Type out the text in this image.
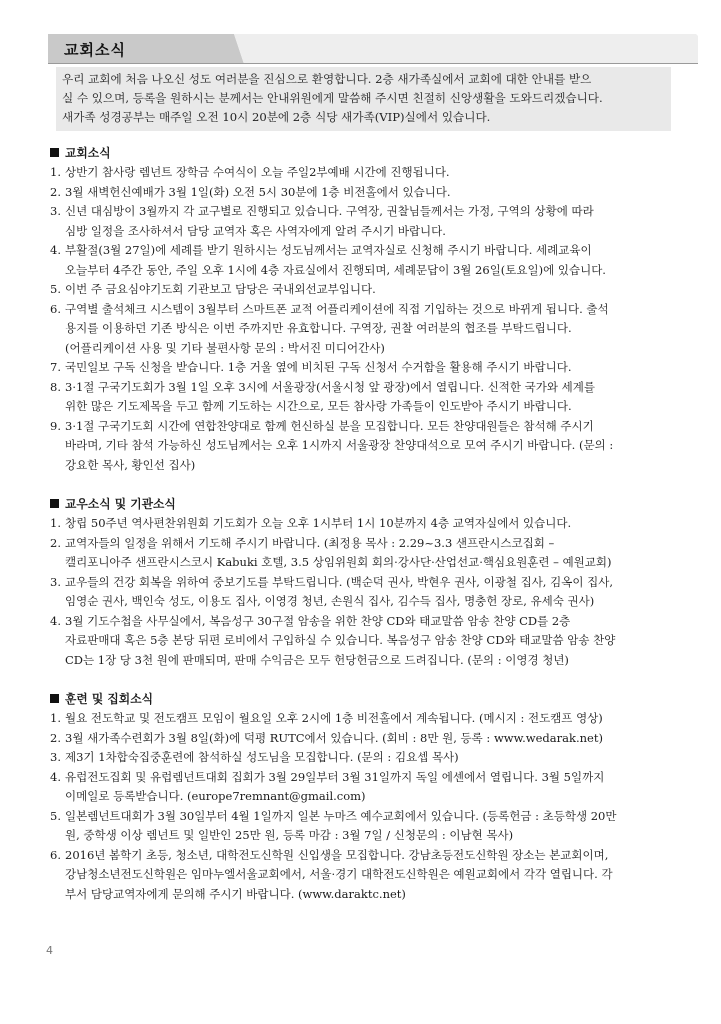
교회소식
우리 교회에 처음 나오신 성도 여러분을 진심으로 환영합니다. 2층 새가족실에서 교회에 대한 안내를 받으
실 수 있으며, 등록을 원하시는 분께서는 안내위원에게 말씀해 주시면 친절히 신앙생활을 도와드리겠습니다.
새가족 성경공부는 매주일 오전 10시 20분에 2층 식당 새가족(VIP)실에서 있습니다.
교회소식
1. 상반기 참사랑 렘넌트 장학금 수여식이 오늘 주일2부예배 시간에 진행됩니다.
2. 3월 새벽헌신예배가 3월 1일(화) 오전 5시 30분에 1층 비전홀에서 있습니다.
3. 신년 대심방이 3월까지 각 교구별로 진행되고 있습니다. 구역장, 권찰님들께서는 가정, 구역의 상황에 따라
심방 일정을 조사하셔서 담당 교역자 혹은 사역자에게 알려 주시기 바랍니다.
4. 부활절(3월 27일)에 세례를 받기 원하시는 성도님께서는 교역자실로 신청해 주시기 바랍니다. 세례교육이
오늘부터 4주간 동안, 주일 오후 1시에 4층 자료실에서 진행되며, 세례문답이 3월 26일(토요일)에 있습니다.
5. 이번 주 금요심야기도회 기관보고 담당은 국내외선교부입니다.
6. 구역별 출석체크 시스템이 3월부터 스마트폰 교적 어플리케이션에 직접 기입하는 것으로 바뀌게 됩니다. 출석
용지를 이용하던 기존 방식은 이번 주까지만 유효합니다. 구역장, 권찰 여러분의 협조를 부탁드립니다.
(어플리케이션 사용 및 기타 불편사항 문의 : 박서진 미디어간사)
7. 국민일보 구독 신청을 받습니다. 1층 거울 옆에 비치된 구독 신청서 수거함을 활용해 주시기 바랍니다.
8. 3·1절 구국기도회가 3월 1일 오후 3시에 서울광장(서울시청 앞 광장)에서 열립니다. 신적한 국가와 세계를
위한 많은 기도제목을 두고 함께 기도하는 시간으로, 모든 참사랑 가족들이 인도받아 주시기 바랍니다.
9. 3·1절 구국기도회 시간에 연합찬양대로 함께 헌신하실 분을 모집합니다. 모든 찬양대원들은 참석해 주시기
바라며, 기타 참석 가능하신 성도님께서는 오후 1시까지 서울광장 찬양대석으로 모여 주시기 바랍니다. (문의 :
강요한 목사, 황인선 집사)
교우소식 및 기관소식
1. 창립 50주년 역사편찬위원회 기도회가 오늘 오후 1시부터 1시 10분까지 4층 교역자실에서 있습니다.
2. 교역자들의 일정을 위해서 기도해 주시기 바랍니다. (최정용 목사 : 2.29~3.3 샌프란시스코집회 –
캘리포니아주 샌프란시스코시 Kabuki 호텔, 3.5 상임위원회 회의·강사단·산업선교·핵심요원훈련 – 예원교회)
3. 교우들의 건강 회복을 위하여 중보기도를 부탁드립니다. (백순덕 권사, 박현우 권사, 이광철 집사, 김옥이 집사,
임영순 권사, 백인숙 성도, 이용도 집사, 이영경 청년, 손원식 집사, 김수득 집사, 명충헌 장로, 유세숙 권사)
4. 3월 기도수첩을 사무실에서, 복음성구 30구절 암송을 위한 찬양 CD와 태교말씀 암송 찬양 CD를 2층
자료판매대 혹은 5층 본당 뒤편 로비에서 구입하실 수 있습니다. 복음성구 암송 찬양 CD와 태교말씀 암송 찬양
CD는 1장 당 3천 원에 판매되며, 판매 수익금은 모두 헌당헌금으로 드려집니다. (문의 : 이영경 청년)
훈련 및 집회소식
1. 월요 전도학교 및 전도캠프 모임이 월요일 오후 2시에 1층 비전홀에서 계속됩니다. (메시지 : 전도캠프 영상)
2. 3월 새가족수련회가 3월 8일(화)에 덕평 RUTC에서 있습니다. (회비 : 8만 원, 등록 : www.wedarak.net)
3. 제3기 1차합숙집중훈련에 참석하실 성도님을 모집합니다. (문의 : 김요셉 목사)
4. 유럽전도집회 및 유럽렘넌트대회 집회가 3월 29일부터 3월 31일까지 독일 에센에서 열립니다. 3월 5일까지
이메일로 등록받습니다. (europe7remnant@gmail.com)
5. 일본렘넌트대회가 3월 30일부터 4월 1일까지 일본 누마즈 예수교회에서 있습니다. (등록헌금 : 초등학생 20만
원, 중학생 이상 렘넌트 및 일반인 25만 원, 등록 마감 : 3월 7일 / 신청문의 : 이남현 목사)
6. 2016년 봄학기 초등, 청소년, 대학전도신학원 신입생을 모집합니다. 강남초등전도신학원 장소는 본교회이며,
강남청소년전도신학원은 임마누엘서울교회에서, 서울·경기 대학전도신학원은 예원교회에서 각각 열립니다. 각
부서 담당교역자에게 문의해 주시기 바랍니다. (www.daraktc.net)
4
